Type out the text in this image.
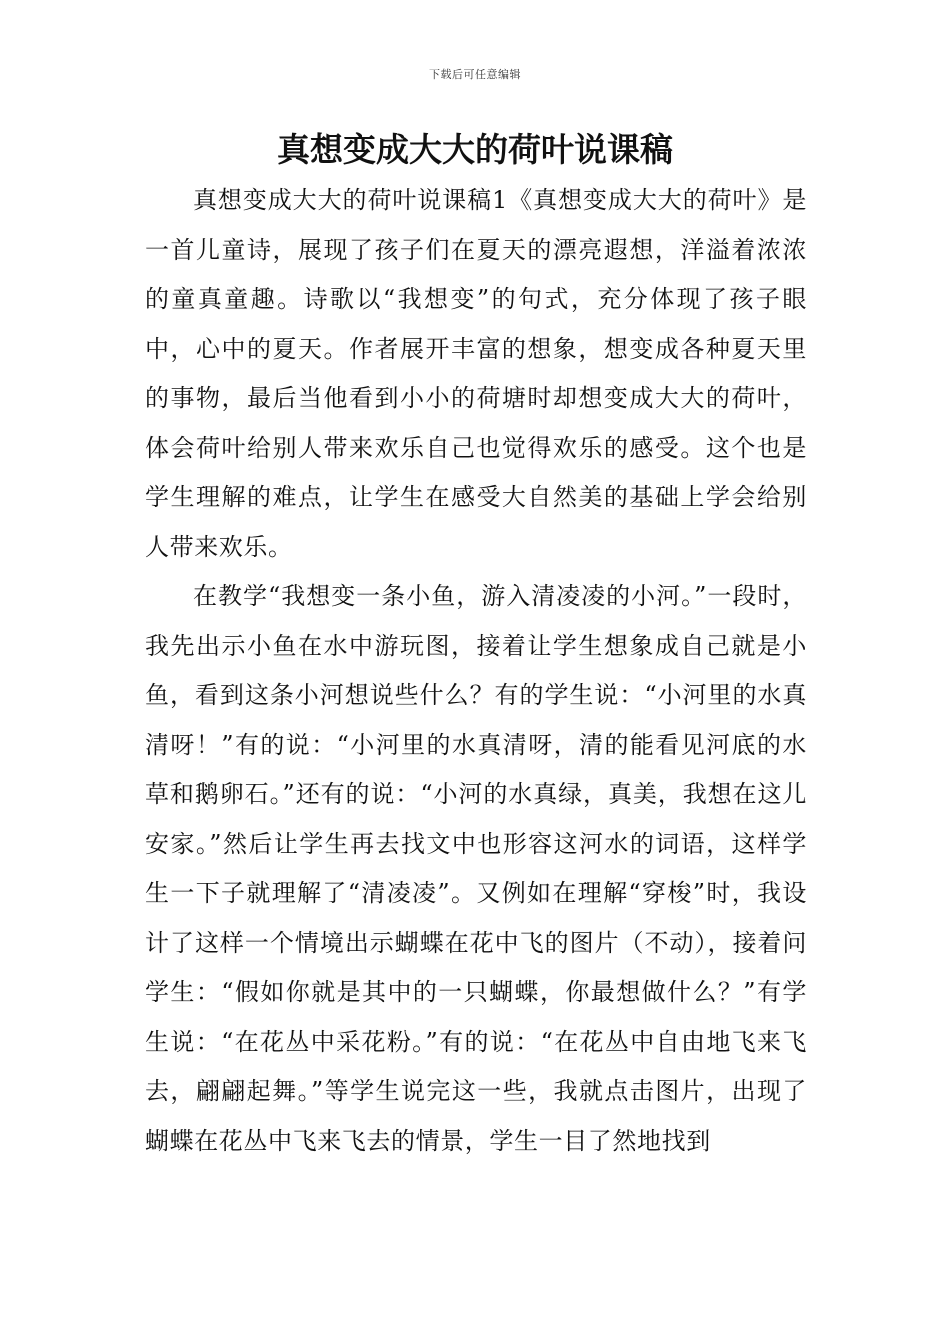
下载后可任意编辑
真想变成大大的荷叶说课稿

真想变成大大的荷叶说课稿1《真想变成大大的荷叶》是一首儿童诗，展现了孩子们在夏天的漂亮遐想，洋溢着浓浓的童真童趣。诗歌以“我想变”的句式，充分体现了孩子眼中，心中的夏天。作者展开丰富的想象，想变成各种夏天里的事物，最后当他看到小小的荷塘时却想变成大大的荷叶，体会荷叶给别人带来欢乐自己也觉得欢乐的感受。这个也是学生理解的难点，让学生在感受大自然美的基础上学会给别人带来欢乐。

在教学“我想变一条小鱼，游入清凌凌的小河。”一段时，我先出示小鱼在水中游玩图，接着让学生想象成自己就是小鱼，看到这条小河想说些什么？有的学生说：“小河里的水真清呀！”有的说：“小河里的水真清呀，清的能看见河底的水草和鹅卵石。”还有的说：“小河的水真绿，真美，我想在这儿安家。”然后让学生再去找文中也形容这河水的词语，这样学生一下子就理解了“清凌凌”。又例如在理解“穿梭”时，我设计了这样一个情境出示蝴蝶在花中飞的图片（不动），接着问学生：“假如你就是其中的一只蝴蝶，你最想做什么？”有学生说：“在花丛中采花粉。”有的说：“在花丛中自由地飞来飞去，翩翩起舞。”等学生说完这一些，我就点击图片，出现了蝴蝶在花丛中飞来飞去的情景，学生一目了然地找到
